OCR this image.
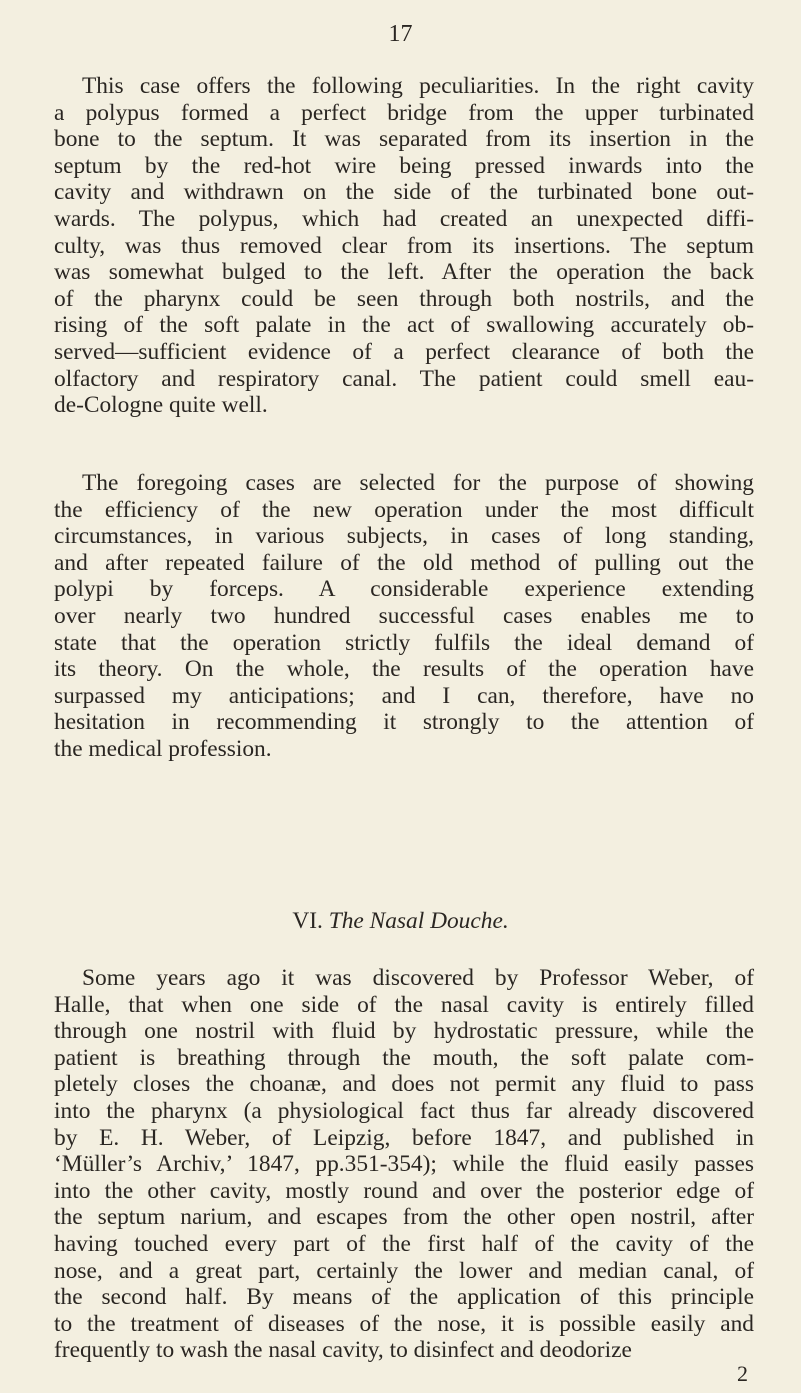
17
This case offers the following peculiarities. In the right cavity
a polypus formed a perfect bridge from the upper turbinated
bone to the septum. It was separated from its insertion in the
septum by the red-hot wire being pressed inwards into the
cavity and withdrawn on the side of the turbinated bone out-
wards. The polypus, which had created an unexpected diffi-
culty, was thus removed clear from its insertions. The septum
was somewhat bulged to the left. After the operation the back
of the pharynx could be seen through both nostrils, and the
rising of the soft palate in the act of swallowing accurately ob-
served—sufficient evidence of a perfect clearance of both the
olfactory and respiratory canal. The patient could smell eau-
de-Cologne quite well.
The foregoing cases are selected for the purpose of showing
the efficiency of the new operation under the most difficult
circumstances, in various subjects, in cases of long standing,
and after repeated failure of the old method of pulling out the
polypi by forceps. A considerable experience extending
over nearly two hundred successful cases enables me to
state that the operation strictly fulfils the ideal demand of
its theory. On the whole, the results of the operation have
surpassed my anticipations; and I can, therefore, have no
hesitation in recommending it strongly to the attention of
the medical profession.
VI. The Nasal Douche.
Some years ago it was discovered by Professor Weber, of
Halle, that when one side of the nasal cavity is entirely filled
through one nostril with fluid by hydrostatic pressure, while the
patient is breathing through the mouth, the soft palate com-
pletely closes the choanæ, and does not permit any fluid to pass
into the pharynx (a physiological fact thus far already discovered
by E. H. Weber, of Leipzig, before 1847, and published in
‘Müller’s Archiv,’ 1847, pp.351-354); while the fluid easily passes
into the other cavity, mostly round and over the posterior edge of
the septum narium, and escapes from the other open nostril, after
having touched every part of the first half of the cavity of the
nose, and a great part, certainly the lower and median canal, of
the second half. By means of the application of this principle
to the treatment of diseases of the nose, it is possible easily and
frequently to wash the nasal cavity, to disinfect and deodorize
2
